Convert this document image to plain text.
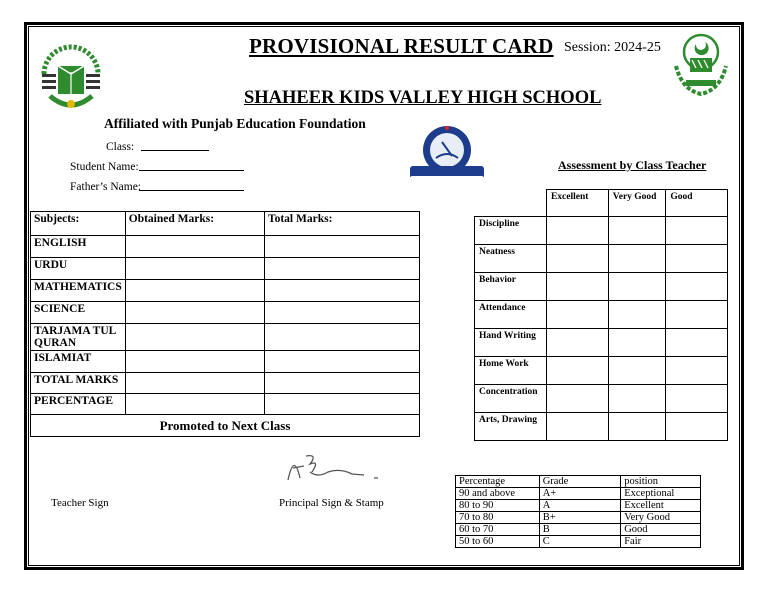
PROVISIONAL RESULT CARD Session: 2024-25
SHAHEER KIDS VALLEY HIGH SCHOOL
Affiliated with Punjab Education Foundation
Class:
Student Name:
Father’s Name:
Assessment by Class Teacher
Subjects:	Obtained Marks:	Total Marks:
ENGLISH		
URDU		
MATHEMATICS		
SCIENCE		
TARJAMA TUL QURAN		
ISLAMIAT		
TOTAL MARKS		
PERCENTAGE		
Promoted to Next Class		
	Excellent	Very Good	Good
Discipline			
Neatness			
Behavior			
Attendance			
Hand Writing			
Home Work			
Concentration			
Arts, Drawing			
Teacher Sign	Principal Sign & Stamp
Percentage	Grade	position
90 and above	A+	Exceptional
80 to 90	A	Excellent
70 to 80	B+	Very Good
60 to 70	B	Good
50 to 60	C	Fair
